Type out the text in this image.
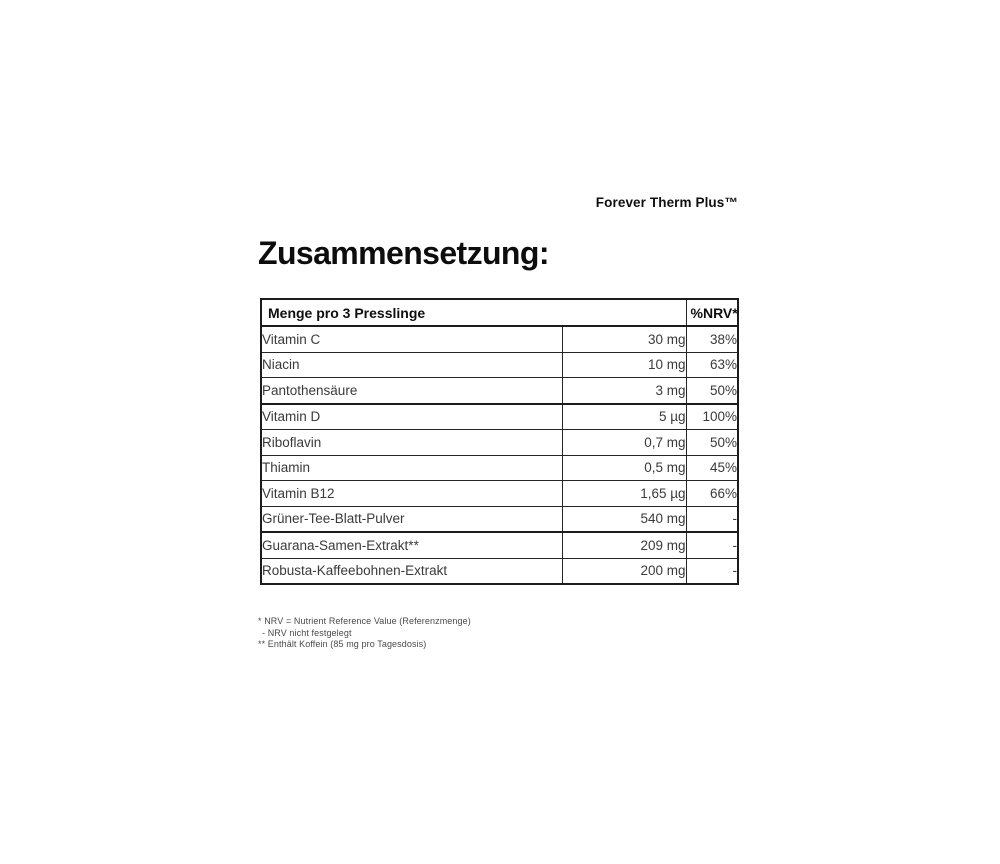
Forever Therm Plus™
Zusammensetzung:
Menge pro 3 Presslinge		%NRV*
Vitamin C	30 mg	38%
Niacin	10 mg	63%
Pantothensäure	3 mg	50%
Vitamin D	5 µg	100%
Riboflavin	0,7 mg	50%
Thiamin	0,5 mg	45%
Vitamin B12	1,65 µg	66%
Grüner-Tee-Blatt-Pulver	540 mg	-
Guarana-Samen-Extrakt**	209 mg	-
Robusta-Kaffeebohnen-Extrakt	200 mg	-
* NRV = Nutrient Reference Value (Referenzmenge)
- NRV nicht festgelegt
** Enthält Koffein (85 mg pro Tagesdosis)
